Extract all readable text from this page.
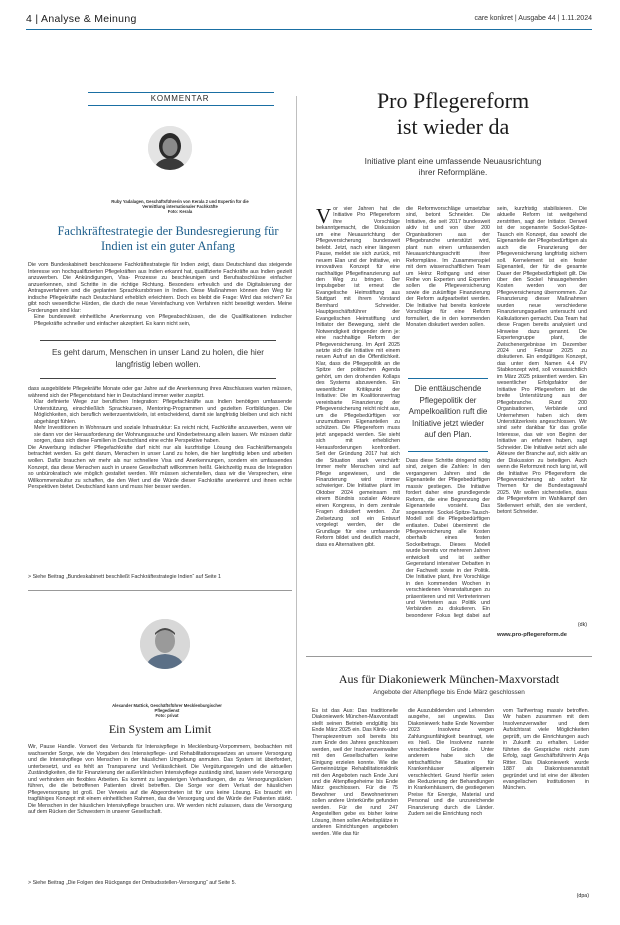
4 | Analyse & Meinung	care konkret | Ausgabe 44 | 1.11.2024
KOMMENTAR
Ruby Yadalagen, Geschäftsführerin von Kerala 2 und Expertin für die Vermittlung internationaler Fachkräfte
Foto: Kerala
Fachkräftestrategie der Bundesregierung für Indien ist ein guter Anfang

Die vom Bundeskabinett beschlossene Fachkräftestrategie für Indien zeigt, dass Deutschland das steigende Interesse von hochqualifizierten Pflegekräften aus Indien erkannt hat, qualifizierte Fachkräfte aus Indien gezielt anzuwerben. Die Ankündigungen, Visa- Prozesse zu beschleunigen und Berufsabschlüsse einfacher anzuerkennen, sind Schritte in die richtige Richtung. Besonders erfreulich und die Digitalisierung der Antragsverfahren und die geplanten Sprachkursbörsen in Indien. Diese Maßnahmen können den Weg für indische Pflegekräfte nach Deutschland erheblich erleichtern. Doch es bleibt die Frage: Wird das reichen? Es gibt noch wesentliche Hürden, die durch die neue Vereinfachung von Verfahren nicht beseitigt werden. Meine Forderungen sind klar:

Eine bundesweit einheitliche Anerkennung von Pflegeabschlüssen, die die Qualifikationen indischer Pflegekräfte schneller und einfacher akzeptiert. Es kann nicht sein,

Es geht darum, Menschen in unser Land zu holen, die hier langfristig leben wollen.

dass ausgebildete Pflegekräfte Monate oder gar Jahre auf die Anerkennung ihres Abschlusses warten müssen, während sich der Pflegenotstand hier in Deutschland immer weiter zuspitzt.

Klar definierte Wege zur beruflichen Integration: Pflegefachkräfte aus Indien benötigen umfassende Unterstützung, einschließlich Sprachkursen, Mentoring-Programmen und gezielten Fortbildungen. Die Möglichkeiten, sich beruflich weiterzuentwickeln, ist entscheidend, damit sie langfristig bleiben und sich nicht abgehängt fühlen.

Mehr Investitionen in Wohnraum und soziale Infrastruktur: Es reicht nicht, Fachkräfte anzuwerben, wenn wir sie dann vor der Herausforderung der Wohnungssuche und Kinderbetreuung allein lassen. Wir müssen dafür sorgen, dass sich diese Familien in Deutschland eine echte Perspektive haben.

Die Anwerbung indischer Pflegefachkräfte darf nicht nur als kurzfristige Lösung des Fachkräftemangels betrachtet werden. Es geht darum, Menschen in unser Land zu holen, die hier langfristig leben und arbeiten wollen. Dafür brauchen wir mehr als nur schnellere Visa und Anerkennungen, sondern ein umfassendes Konzept, das diese Menschen auch in unsere Gesellschaft willkommen heißt. Gleichzeitig muss die Integration so unbürokratisch wie möglich gestaltet werden. Wir müssen sicherstellen, dass wir die Versprechen, eine Willkommenskultur zu schaffen, die den Wert und die Würde dieser Fachkräfte anerkennt und ihnen echte Perspektiven bietet. Deutschland kann und muss hier besser werden.

> Siehe Beitrag „Bundeskabinett beschließt Fachkräftestrategie Indien“ auf Seite 1
Alexander Mattick, Geschäftsführer Mecklenburgischer Pflegedienst
Foto: privat
Ein System am Limit

Wir, Pause Handle. Vorwort des Verbands für Intensivpflege in Mecklenburg-Vorpommern, beobachten mit wachsender Sorge, wie die Vorgaben des Intensivpflege- und Rehabilitationsgesetzes an unsere Versorgung und die Intensivpflege von Menschen in der häuslichen Umgebung anmuten. Das System ist überfordert, unterbesetzt, und es fehlt an Transparenz und Verlässlichkeit. Die Vergütungsregeln und die aktuellen Zuständigkeiten, die für Finanzierung der außerklinischen Intensivpflege zuständig sind, lassen viele Versorgung und verhindern ein flexibles Arbeiten. Es kommt zu langwierigen Verhandlungen, die zu Versorgungslücken führen, die die betroffenen Patienten direkt betreffen. Die Sorge vor dem Verlust der häuslichen Pflegeversorgung ist groß. Der Verweis auf die Abgeordneten ist für uns keine Lösung. Es braucht ein tragfähiges Konzept mit einem einheitlichen Rahmen, das die Versorgung und die Würde der Patienten stärkt. Die Menschen in der häuslichen Intensivpflege brauchen uns. Wir werden nicht zulassen, dass die Versorgung auf dem Rücken der Schwestern in unserer Gesellschaft.

> Siehe Beitrag „Die Folgen des Rückgangs der Ombudsstellen-Versorgung“ auf Seite 5.
Pro Pflegereform
ist wieder da
Initiative plant eine umfassende Neuausrichtung
ihrer Reformpläne.
V or vier Jahren hat die Initiative Pro Pflegereform ihre Vorschläge bekanntgemacht, die Diskussion um eine Neuausrichtung der Pflegeversicherung bundesweit belebt. Jetzt, nach einer längeren Pause, meldet sie sich zurück, mit neuem Elan und der Initiative, ein innovatives Konzept für eine nachhaltige Pflegefinanzierung auf den Weg zu bringen. Der Impulsgeber ist erneut die Evangelische Heimstiftung aus Stuttgart mit ihrem Vorstand Bernhard Schneider. Hauptgeschäftsführer der Evangelischen Heimstiftung und Initiator der Bewegung, sieht die Notwendigkeit dringender denn je: eine nachhaltige Reform der Pflegeversicherung. Im April 2025 setzte sich die Initiative mit einem neuen Aufruf an die Öffentlichkeit. Klar, dass die Pflegepolitik an die Spitze der politischen Agenda gehört, um den drohenden Kollaps des Systems abzuwenden. Ein wesentlicher Kritikpunkt der Initiative: Die im Koalitionsvertrag vereinbarte Finanzierung der Pflegeversicherung reicht nicht aus, um die Pflegebedürftigen vor unzumutbaren Eigenanteilen zu schützen. Die Pflegereform muss jetzt angepackt werden. Sie sieht sich mit erheblichen Herausforderungen konfrontiert. Seit der Gründung 2017 hat sich die Situation stark verschärft: Immer mehr Menschen sind auf Pflege angewiesen, und die Finanzierung wird immer schwieriger. Die Initiative plant im Oktober 2024 gemeinsam mit einem Bündnis sozialer Akteure einen Kongress, in dem zentrale Fragen diskutiert werden. Zur Zielsetzung soll ein Entwurf vorgelegt werden, der die Grundlage für eine umfassende Reform bildet und deutlich macht, dass es Alternativen gibt.

die Reformvorschläge umsetzbar sind, betont Schneider. Die Initiative, die seit 2017 bundesweit aktiv ist und von über 200 Organisationen aus der Pflegebranche unterstützt wird, plant nun einen umfassenden Neuausrichtungsschritt ihrer Reformpläne. Im Zusammenspiel mit dem wissenschaftlichen Team um Heinz Rothgang und einer Reihe von Experten und Experten sollen die Pflegeversicherung sowie die zukünftige Finanzierung der Reform aufgearbeitet werden. Die Initiative hat bereits konkrete Vorschläge für eine Reform formuliert, die in den kommenden Monaten diskutiert werden sollen.

Die enttäuschende Pflegepolitik der Ampelkoalition ruft die Initiative jetzt wieder auf den Plan.

Dass diese Schritte dringend nötig sind, zeigen die Zahlen: In den vergangenen Jahren sind die Eigenanteile der Pflegebedürftigen massiv gestiegen. Die Initiative fordert daher eine grundlegende Reform, die eine Begrenzung der Eigenanteile vorsieht. Das sogenannte Sockel-Spitze-Tausch-Modell soll die Pflegebedürftigen entlasten. Dabei übernimmt die Pflegeversicherung alle Kosten oberhalb eines festen Sockelbetrags. Dieses Modell wurde bereits vor mehreren Jahren entwickelt und ist seither Gegenstand intensiver Debatten in der Fachwelt sowie in der Politik. Die Initiative plant, ihre Vorschläge in den kommenden Wochen in verschiedenen Veranstaltungen zu präsentieren und mit Vertreterinnen und Vertretern aus Politik und Verbänden zu diskutieren. Ein besonderer Fokus liegt dabei auf

sein, kurzfristig stabilisieren. Die aktuelle Reform ist weitgehend zerstritten, sagt der Initiator. Derweil ist der sogenannte Sockel-Spitze-Tausch ein Konzept, das sowohl die Eigenanteile der Pflegebedürftigen als auch die Finanzierung der Pflegeversicherung langfristig sichern soll. Kernelement ist ein fester Eigenanteil, der für die gesamte Dauer der Pflegebedürftigkeit gilt. Die über den Sockel hinausgehenden Kosten werden von der Pflegeversicherung übernommen. Zur Finanzierung dieser Maßnahmen wurden neue verschiedene Finanzierungsquellen untersucht und Kalkulationen gemacht. Das Team hat diese Fragen bereits analysiert und Hinweise dazu genannt. Die Expertengruppe plant, die Zwischenergebnisse im Dezember 2024 und Februar 2025 zu diskutieren. Ein endgültiges Konzept, das unter dem Namen 4.4 PV Stabkonzept wird, soll voraussichtlich im März 2025 präsentiert werden. Ein wesentlicher Erfolgsfaktor der Initiative Pro Pflegereform ist die breite Unterstützung aus der Pflegebranche. Rund 200 Organisationen, Verbände und Unternehmen haben sich dem Unterstützerkreis angeschlossen. Wir sind sehr dankbar für das große Interesse, das wir von Beginn der Initiative an erfahren haben, sagt Schneider. Die Initiative setzt sich alle Akteure der Branche auf, sich aktiv an der Diskussion zu beteiligen. Auch wenn die Reformzeit noch lang ist, will die Initiative Pro Pflegereform die Pflegeversicherung ab sofort für Themen für die Bundestagswahl 2025. Wir wollen sicherstellen, dass die Pflegereform im Wahlkampf den Stellenwert erhält, den sie verdient, betont Schneider.

(dk)
www.pro-pflegereform.de
Aus für Diakoniewerk München-Maxvorstadt
Angebote der Altenpflege bis Ende März geschlossen

Es ist das Aus: Das traditionelle Diakoniewerk München-Maxvorstadt stellt seinen Betrieb endgültig bis Ende März 2025 ein. Das Klinik- und Therapiezentrum soll bereits bis zum Ende des Jahres geschlossen werden, weil der Insolvenzverwalter mit den Gesellschaften keine Einigung erzielen konnte. Wie die Gemeinnützige Rehabilitationsklinik mit den Angeboten nach Ende Juni und die Altenpflegeheime bis Ende März geschlossen. Für die 75 Bewohner und Bewohnerinnen sollen andere Unterkünfte gefunden werden. Für die rund 247 Angestellten gebe es bisher keine Lösung, ihnen sollen Arbeitsplätze in anderen Einrichtungen angeboten werden. Wie das für

die Auszubildenden und Lehrenden ausgehe, sei ungewiss. Das Diakoniewerk hatte Ende November 2023 Insolvenz wegen Zahlungsunfähigkeit beantragt, wie es hieß. Die Insolvenz nannte verschiedene Gründe. Unter anderem habe sich die wirtschaftliche Situation für Krankenhäuser allgemein verschlechtert. Grund hierfür seien die Reduzierung der Behandlungen in Krankenhäusern, die gestiegenen Preise für Energie, Material und Personal und die unzureichende Finanzierung durch die Länder. Zudem sei die Einrichtung noch

vom Tarifvertrag massiv betroffen. Wir haben zusammen mit dem Insolvenzverwalter und dem Aufsichtsrat viele Möglichkeiten geprüft, um die Einrichtungen auch in Zukunft zu erhalten. Leider führten die Gespräche nicht zum Erfolg, sagt Geschäftsführerin Anja Ritter. Das Diakoniewerk wurde 1887 als Diakonissenanstalt gegründet und ist eine der ältesten evangelischen Institutionen in München.

(dpa)
